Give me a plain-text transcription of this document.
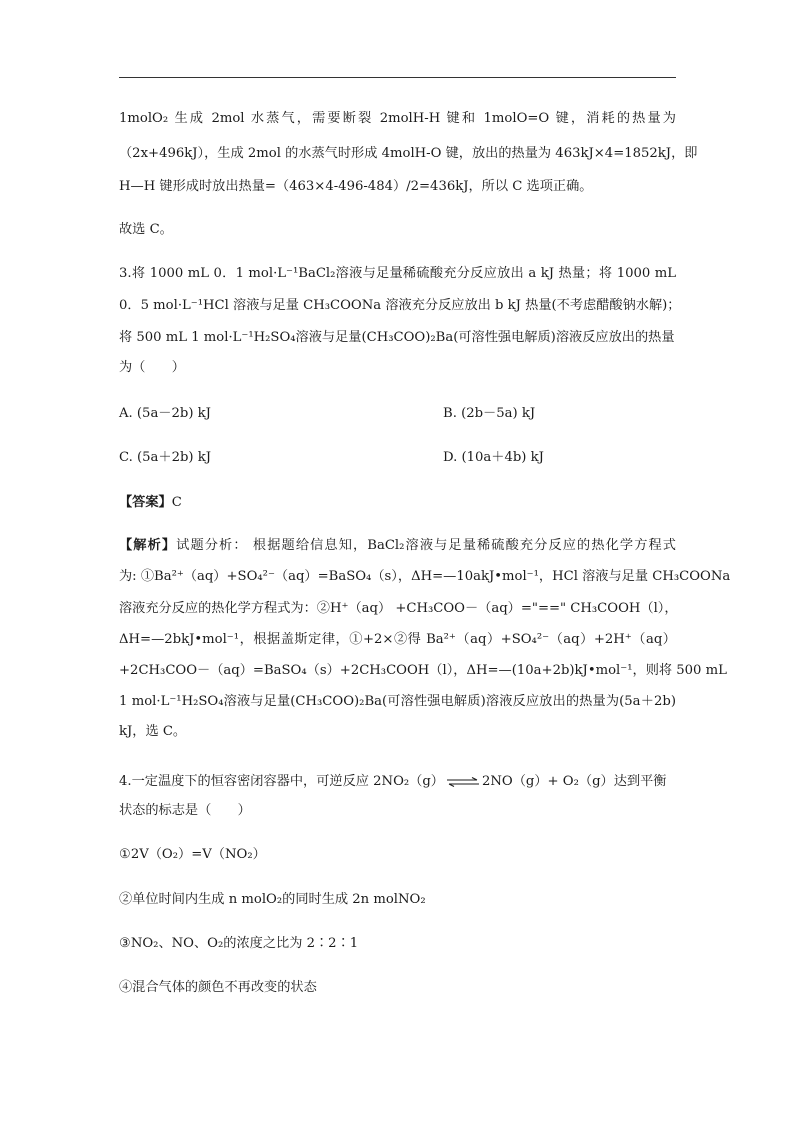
1molO₂ 生成 2mol 水蒸气，需要断裂 2molH-H 键和 1molO=O 键，消耗的热量为
（2x+496kJ），生成 2mol 的水蒸气时形成 4molH-O 键，放出的热量为 463kJ×4=1852kJ，即
H—H 键形成时放出热量=（463×4-496-484）/2=436kJ，所以 C 选项正确。
故选 C。
3.将 1000 mL 0．1 mol·L⁻¹BaCl₂溶液与足量稀硫酸充分反应放出 a kJ 热量；将 1000 mL
0．5 mol·L⁻¹HCl 溶液与足量 CH₃COONa 溶液充分反应放出 b kJ 热量(不考虑醋酸钠水解)；
将 500 mL 1 mol·L⁻¹H₂SO₄溶液与足量(CH₃COO)₂Ba(可溶性强电解质)溶液反应放出的热量
为（　　）
A. (5a－2b) kJ	B. (2b－5a) kJ
C. (5a＋2b) kJ	D. (10a＋4b) kJ
【答案】C
【解析】试题分析： 根据题给信息知，BaCl₂溶液与足量稀硫酸充分反应的热化学方程式
为: ①Ba²⁺（aq）+SO₄²⁻（aq）=BaSO₄（s），ΔH=—10akJ•mol⁻¹，HCl 溶液与足量 CH₃COONa
溶液充分反应的热化学方程式为：②H⁺（aq） +CH₃COO－（aq）="==" CH₃COOH（l），
ΔH=—2bkJ•mol⁻¹，根据盖斯定律，①+2×②得 Ba²⁺（aq）+SO₄²⁻（aq）+2H⁺（aq）
+2CH₃COO－（aq）=BaSO₄（s）+2CH₃COOH（l），ΔH=—(10a+2b)kJ•mol⁻¹，则将 500 mL
1 mol·L⁻¹H₂SO₄溶液与足量(CH₃COO)₂Ba(可溶性强电解质)溶液反应放出的热量为(5a＋2b)
kJ，选 C。
4.一定温度下的恒容密闭容器中，可逆反应 2NO₂（g） ⇌ 2NO（g）+ O₂（g）达到平衡
状态的标志是（　　）
①2V（O₂）=V（NO₂）
②单位时间内生成 n molO₂的同时生成 2n molNO₂
③NO₂、NO、O₂的浓度之比为 2∶2∶1
④混合气体的颜色不再改变的状态
